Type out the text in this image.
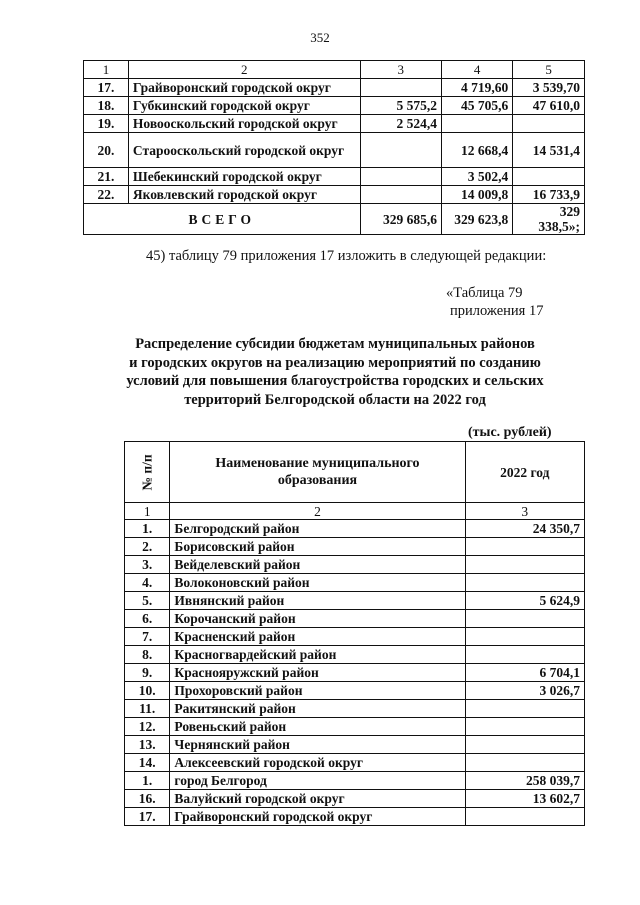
352
1	2	3	4	5
17.	Грайворонский городской округ		4 719,60	3 539,70
18.	Губкинский городской округ	5 575,2	45 705,6	47 610,0
19.	Новооскольский городской округ	2 524,4		
20.	Старооскольский городской округ		12 668,4	14 531,4
21.	Шебекинский городской округ		3 502,4	
22.	Яковлевский городской округ		14 009,8	16 733,9
ВСЕГО		329 685,6	329 623,8	329 338,5»;
45) таблицу 79 приложения 17 изложить в следующей редакции:
«Таблица 79
приложения 17
Распределение субсидии бюджетам муниципальных районов
и городских округов на реализацию мероприятий по созданию
условий для повышения благоустройства городских и сельских
территорий Белгородской области на 2022 год
(тыс. рублей)
№ п/п	Наименование муниципального образования	2022 год
1	2	3
1.	Белгородский район	24 350,7
2.	Борисовский район	
3.	Вейделевский район	
4.	Волоконовский район	
5.	Ивнянский район	5 624,9
6.	Корочанский район	
7.	Красненский район	
8.	Красногвардейский район	
9.	Краснояружский район	6 704,1
10.	Прохоровский район	3 026,7
11.	Ракитянский район	
12.	Ровеньский район	
13.	Чернянский район	
14.	Алексеевский городской округ	
1.	город Белгород	258 039,7
16.	Валуйский городской округ	13 602,7
17.	Грайворонский городской округ	
